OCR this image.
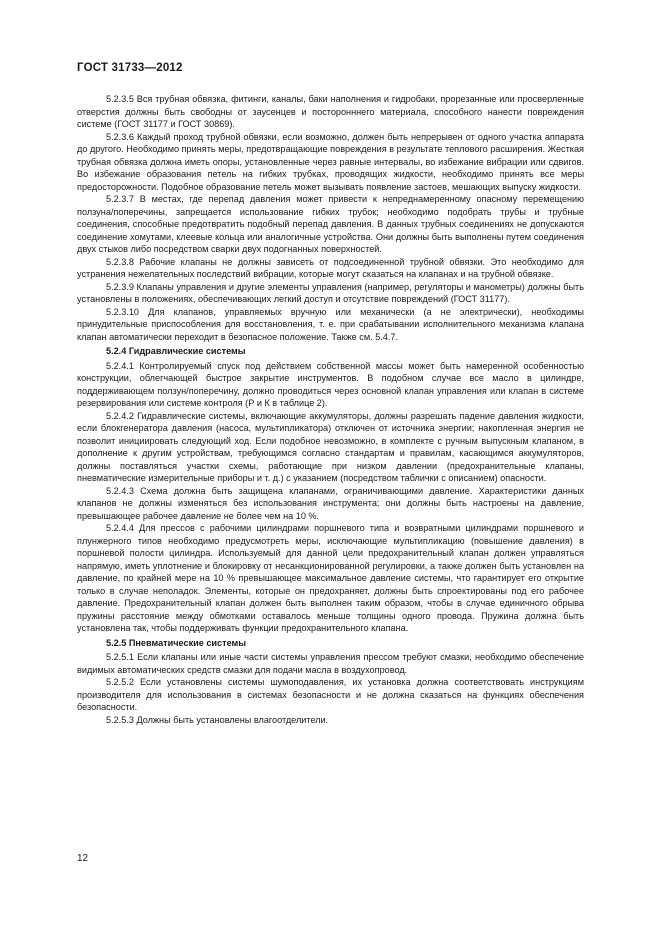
ГОСТ 31733—2012

5.2.3.5 Вся трубная обвязка, фитинги, каналы, баки наполнения и гидробаки, прорезанные или просверленные отверстия должны быть свободны от заусенцев и посторонннего материала, способного нанести повреждения системе (ГОСТ 31177 и ГОСТ 30869).

5.2.3.6 Каждый проход трубной обвязки, если возможно, должен быть непрерывен от одного участка аппарата до другого. Необходимо принять меры, предотвращающие повреждения в результате теплового расширения. Жесткая трубная обвязка должна иметь опоры, установленные через равные интервалы, во избежание вибрации или сдвигов. Во избежание образования петель на гибких трубках, проводящих жидкости, необходимо принять все меры предосторожности. Подобное образование петель может вызывать появление застоев, мешающих выпуску жидкости.

5.2.3.7 В местах, где перепад давления может привести к непреднамеренному опасному перемещению ползуна/поперечины, запрещается использование гибких трубок; необходимо подобрать трубы и трубные соединения, способные предотвратить подобный перепад давления. В данных трубных соединениях не допускаются соединение хомутами, клеевые кольца или аналогичные устройства. Они должны быть выполнены путем соединения двух стыков либо посредством сварки двух подогнанных поверхностей.

5.2.3.8 Рабочие клапаны не должны зависеть от подсоединенной трубной обвязки. Это необходимо для устранения нежелательных последствий вибрации, которые могут сказаться на клапанах и на трубной обвязке.

5.2.3.9 Клапаны управления и другие элементы управления (например, регуляторы и манометры) должны быть установлены в положениях, обеспечивающих легкий доступ и отсутствие повреждений (ГОСТ 31177).

5.2.3.10 Для клапанов, управляемых вручную или механически (а не электрически), необходимы принудительные приспособления для восстановления, т. е. при срабатывании исполнительного механизма клапана клапан автоматически переходит в безопасное положение. Также см. 5.4.7.

5.2.4 Гидравлические системы

5.2.4.1 Контролируемый спуск под действием собственной массы может быть намеренной особенностью конструкции, облегчающей быстрое закрытие инструментов. В подобном случае все масло в цилиндре, поддерживающем ползун/поперечину, должно проводиться через основной клапан управления или клапан в системе резервирования или системе контроля (Р и К в таблице 2).

5.2.4.2 Гидравлические системы, включающие аккумуляторы, должны разрешать падение давления жидкости, если блокгенератора давления (насоса, мультипликатора) отключен от источника энергии; накопленная энергия не позволит инициировать следующий ход. Если подобное невозможно, в комплекте с ручным выпускным клапаном, в дополнение к другим устройствам, требующимся согласно стандартам и правилам, касающимся аккумуляторов, должны поставляться участки схемы, работающие при низком давлении (предохранительные клапаны, пневматические измерительные приборы и т. д.) с указанием (посредством таблички с описанием) опасности.

5.2.4.3 Схема должна быть защищена клапанами, ограничивающими давление. Характеристики данных клапанов не должны изменяться без использования инструмента; они должны быть настроены на давление, превышающее рабочее давление не более чем на 10 %.

5.2.4.4 Для прессов с рабочими цилиндрами поршневого типа и возвратными цилиндрами поршневого и плунжерного типов необходимо предусмотреть меры, исключающие мультипликацию (повышение давления) в поршневой полости цилиндра. Используемый для данной цели предохранительный клапан должен управляться напрямую, иметь уплотнение и блокировку от несанкционированной регулировки, а также должен быть установлен на давление, по крайней мере на 10 % превышающее максимальное давление системы, что гарантирует его открытие только в случае неполадок. Элементы, которые он предохраняет, должны быть спроектированы под его рабочее давление. Предохранительный клапан должен быть выполнен таким образом, чтобы в случае единичного обрыва пружины расстояние между обмотками оставалось меньше толщины одного провода. Пружина должна быть установлена так, чтобы поддерживать функции предохранительного клапана.

5.2.5 Пневматические системы

5.2.5.1 Если клапаны или иные части системы управления прессом требуют смазки, необходимо обеспечение видимых автоматических средств смазки для подачи масла в воздухопровод.

5.2.5.2 Если установлены системы шумоподавления, их установка должна соответствовать инструкциям производителя для использования в системах безопасности и не должна сказаться на функциях обеспечения безопасности.

5.2.5.3 Должны быть установлены влагоотделители.

12
